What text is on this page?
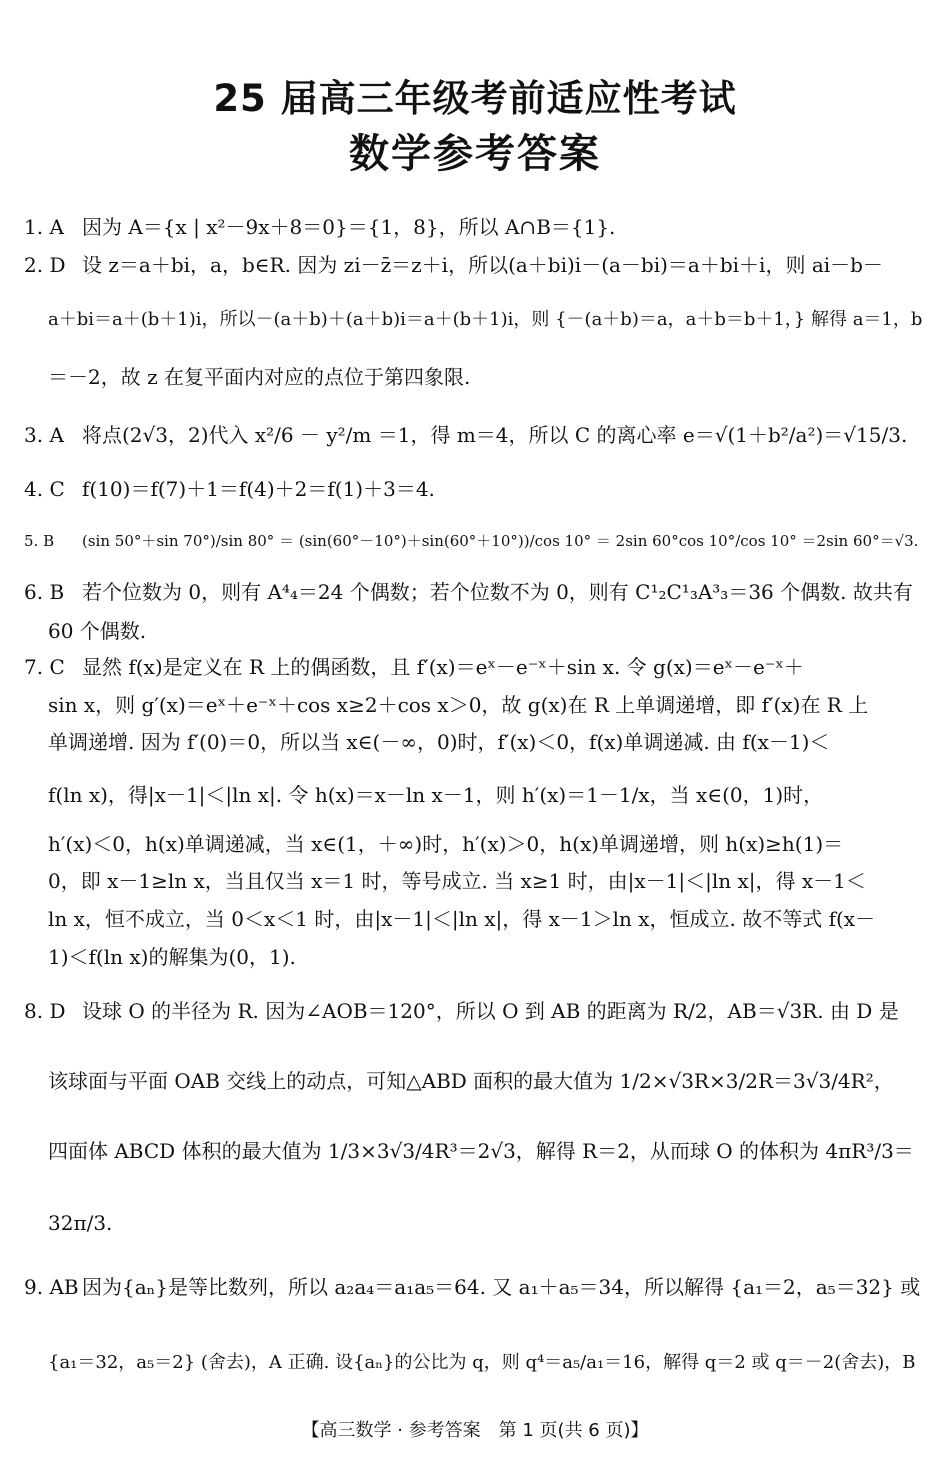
25 届高三年级考前适应性考试
数学参考答案
1. A 因为 A＝{x | x²－9x＋8＝0}＝{1，8}，所以 A∩B＝{1}.
2. D 设 z＝a＋bi，a，b∈R. 因为 zi－z̄＝z＋i，所以(a＋bi)i－(a－bi)＝a＋bi＋i，则 ai－b－
a＋bi＝a＋(b＋1)i，所以－(a＋b)＋(a＋b)i＝a＋(b＋1)i，则 {－(a＋b)＝a，a＋b＝b＋1，} 解得 a＝1，b
＝－2，故 z 在复平面内对应的点位于第四象限.
3. A 将点(2√3，2)代入 x²/6 － y²/m ＝1，得 m＝4，所以 C 的离心率 e＝√(1＋b²/a²)＝√15/3.
4. C f(10)＝f(7)＋1＝f(4)＋2＝f(1)＋3＝4.
5. B (sin 50°＋sin 70°)/sin 80° ＝ (sin(60°－10°)＋sin(60°＋10°))/cos 10° ＝ 2sin 60°cos 10°/cos 10° ＝2sin 60°＝√3.
6. B 若个位数为 0，则有 A⁴₄＝24 个偶数；若个位数不为 0，则有 C¹₂C¹₃A³₃＝36 个偶数. 故共有
60 个偶数.
7. C 显然 f(x)是定义在 R 上的偶函数，且 f′(x)＝eˣ－e⁻ˣ＋sin x. 令 g(x)＝eˣ－e⁻ˣ＋
sin x，则 g′(x)＝eˣ＋e⁻ˣ＋cos x≥2＋cos x＞0，故 g(x)在 R 上单调递增，即 f′(x)在 R 上
单调递增. 因为 f′(0)＝0，所以当 x∈(－∞，0)时，f′(x)＜0，f(x)单调递减. 由 f(x－1)＜
f(ln x)，得|x－1|＜|ln x|. 令 h(x)＝x－ln x－1，则 h′(x)＝1－1/x，当 x∈(0，1)时，
h′(x)＜0，h(x)单调递减，当 x∈(1，＋∞)时，h′(x)＞0，h(x)单调递增，则 h(x)≥h(1)＝
0，即 x－1≥ln x，当且仅当 x＝1 时，等号成立. 当 x≥1 时，由|x－1|＜|ln x|，得 x－1＜
ln x，恒不成立，当 0＜x＜1 时，由|x－1|＜|ln x|，得 x－1＞ln x，恒成立. 故不等式 f(x－
1)＜f(ln x)的解集为(0，1).
8. D 设球 O 的半径为 R. 因为∠AOB＝120°，所以 O 到 AB 的距离为 R/2，AB＝√3R. 由 D 是
该球面与平面 OAB 交线上的动点，可知△ABD 面积的最大值为 1/2×√3R×3/2R＝3√3/4R²，
四面体 ABCD 体积的最大值为 1/3×3√3/4R³＝2√3，解得 R＝2，从而球 O 的体积为 4πR³/3＝
32π/3.
9. AB 因为{aₙ}是等比数列，所以 a₂a₄＝a₁a₅＝64. 又 a₁＋a₅＝34，所以解得 {a₁＝2，a₅＝32} 或
{a₁＝32，a₅＝2} (舍去)，A 正确. 设{aₙ}的公比为 q，则 q⁴＝a₅/a₁＝16，解得 q＝2 或 q＝－2(舍去)，B
【高三数学 · 参考答案　第 1 页(共 6 页)】
